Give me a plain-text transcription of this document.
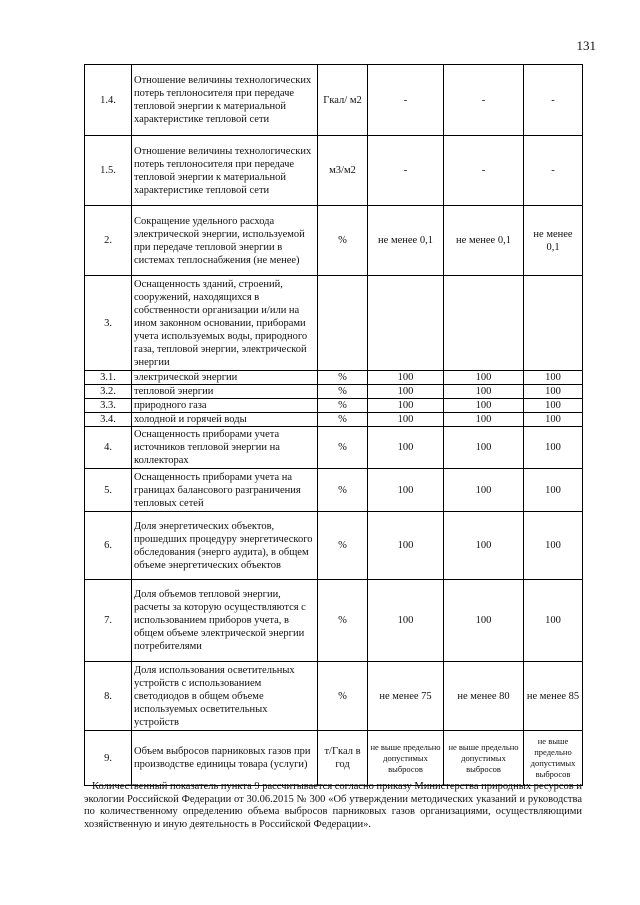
131
1.4.	Отношение величины технологических потерь теплоносителя при передаче тепловой энергии к материальной характеристике тепловой сети	Гкал/ м2	-	-	-
1.5.	Отношение величины технологических потерь теплоносителя при передаче тепловой энергии к материальной характеристике тепловой сети	м3/м2	-	-	-
2.	Сокращение удельного расхода электрической энергии, используемой при передаче тепловой энергии в системах теплоснабжения (не менее)	%	не менее 0,1	не менее 0,1	не менее 0,1
3.	Оснащенность зданий, строений, сооружений, находящихся в собственности организации и/или на ином законном основании, приборами учета используемых воды, природного газа, тепловой энергии, электрической энергии				
3.1.	электрической энергии	%	100	100	100
3.2.	тепловой энергии	%	100	100	100
3.3.	природного газа	%	100	100	100
3.4.	холодной и горячей воды	%	100	100	100
4.	Оснащенность приборами учета источников тепловой энергии на коллекторах	%	100	100	100
5.	Оснащенность приборами учета на границах балансового разграничения тепловых сетей	%	100	100	100
6.	Доля энергетических объектов, прошедших процедуру энергетического обследования (энерго аудита), в общем объеме энергетических объектов	%	100	100	100
7.	Доля объемов тепловой энергии, расчеты за которую осуществляются с использованием приборов учета, в общем объеме электрической энергии потребителями	%	100	100	100
8.	Доля использования осветительных устройств с использованием светодиодов в общем объеме используемых осветительных устройств	%	не менее 75	не менее 80	не менее 85
9.	Объем выбросов парниковых газов при производстве единицы товара (услуги)	т/Гкал в год	не выше предельно допустимых выбросов	не выше предельно допустимых выбросов	не выше предельно допустимых выбросов
Количественный показатель пункта 9 рассчитывается согласно приказу Министерства природных ресурсов и экологии Российской Федерации от 30.06.2015 № 300 «Об утверждении методических указаний и руководства по количественному определению объема выбросов парниковых газов организациями, осуществляющими хозяйственную и иную деятельность в Российской Федерации».
